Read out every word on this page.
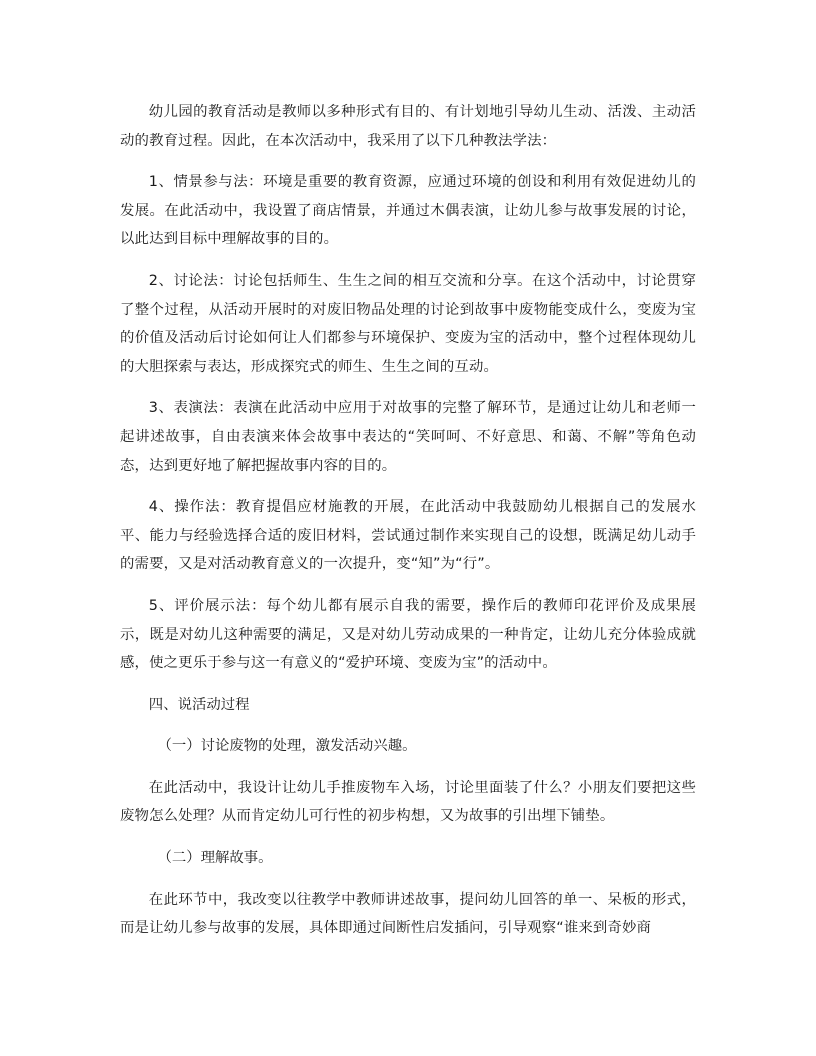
幼儿园的教育活动是教师以多种形式有目的、有计划地引导幼儿生动、活泼、主动活动的教育过程。因此，在本次活动中，我采用了以下几种教法学法：

1、情景参与法：环境是重要的教育资源，应通过环境的创设和利用有效促进幼儿的发展。在此活动中，我设置了商店情景，并通过木偶表演，让幼儿参与故事发展的讨论，以此达到目标中理解故事的目的。

2、讨论法：讨论包括师生、生生之间的相互交流和分享。在这个活动中，讨论贯穿了整个过程，从活动开展时的对废旧物品处理的讨论到故事中废物能变成什么，变废为宝的价值及活动后讨论如何让人们都参与环境保护、变废为宝的活动中，整个过程体现幼儿的大胆探索与表达，形成探究式的师生、生生之间的互动。

3、表演法：表演在此活动中应用于对故事的完整了解环节，是通过让幼儿和老师一起讲述故事，自由表演来体会故事中表达的“笑呵呵、不好意思、和蔼、不解”等角色动态，达到更好地了解把握故事内容的目的。

4、操作法：教育提倡应材施教的开展，在此活动中我鼓励幼儿根据自己的发展水平、能力与经验选择合适的废旧材料，尝试通过制作来实现自己的设想，既满足幼儿动手的需要，又是对活动教育意义的一次提升，变“知”为“行”。

5、评价展示法：每个幼儿都有展示自我的需要，操作后的教师印花评价及成果展示，既是对幼儿这种需要的满足，又是对幼儿劳动成果的一种肯定，让幼儿充分体验成就感，使之更乐于参与这一有意义的“爱护环境、变废为宝”的活动中。

四、说活动过程

（一）讨论废物的处理，激发活动兴趣。

在此活动中，我设计让幼儿手推废物车入场，讨论里面装了什么？小朋友们要把这些废物怎么处理？从而肯定幼儿可行性的初步构想，又为故事的引出埋下铺垫。

（二）理解故事。

在此环节中，我改变以往教学中教师讲述故事，提问幼儿回答的单一、呆板的形式，而是让幼儿参与故事的发展，具体即通过间断性启发插问，引导观察“谁来到奇妙商
